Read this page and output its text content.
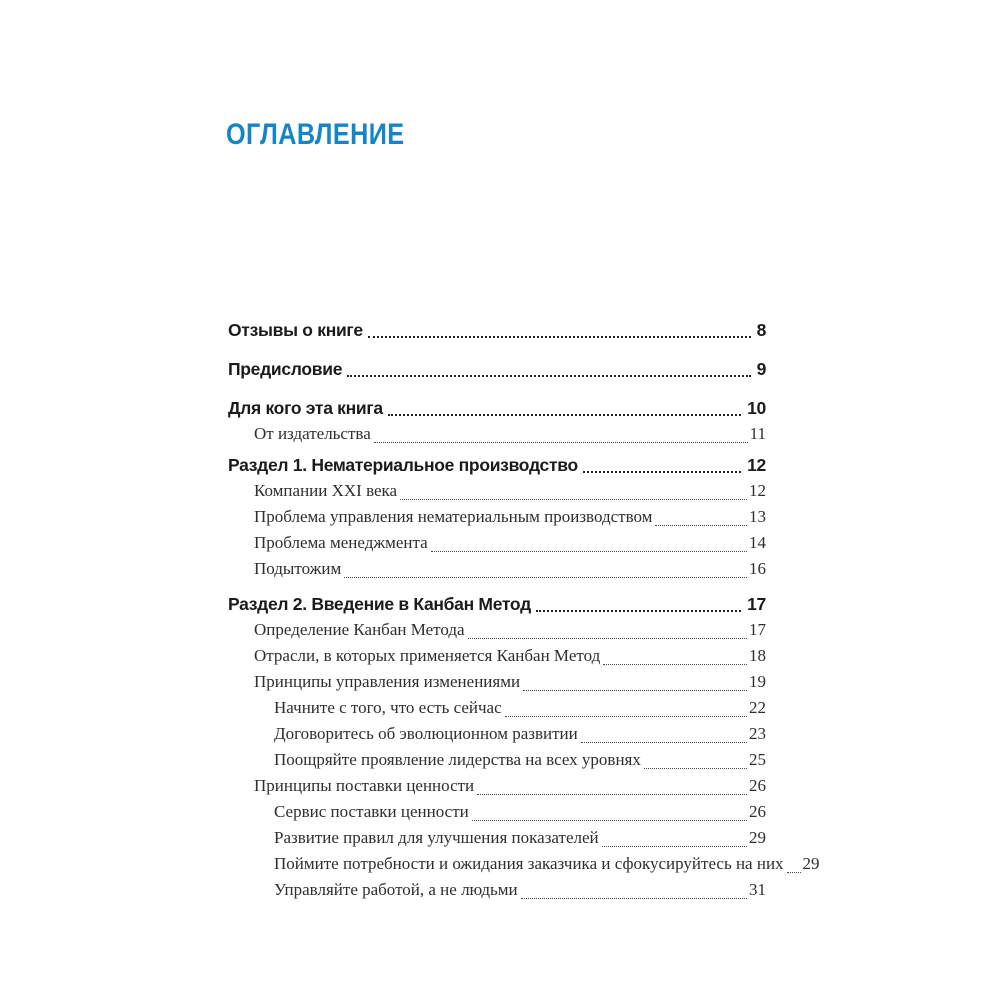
ОГЛАВЛЕНИЕ
Отзывы о книге	8
Предисловие	9
Для кого эта книга	10
От издательства	11
Раздел 1. Нематериальное производство	12
Компании XXI века	12
Проблема управления нематериальным производством	13
Проблема менеджмента	14
Подытожим	16
Раздел 2. Введение в Канбан Метод	17
Определение Канбан Метода	17
Отрасли, в которых применяется Канбан Метод	18
Принципы управления изменениями	19
Начните с того, что есть сейчас	22
Договоритесь об эволюционном развитии	23
Поощряйте проявление лидерства на всех уровнях	25
Принципы поставки ценности	26
Сервис поставки ценности	26
Развитие правил для улучшения показателей	29
Поймите потребности и ожидания заказчика и сфокусируйтесь на них 29
Управляйте работой, а не людьми	31
